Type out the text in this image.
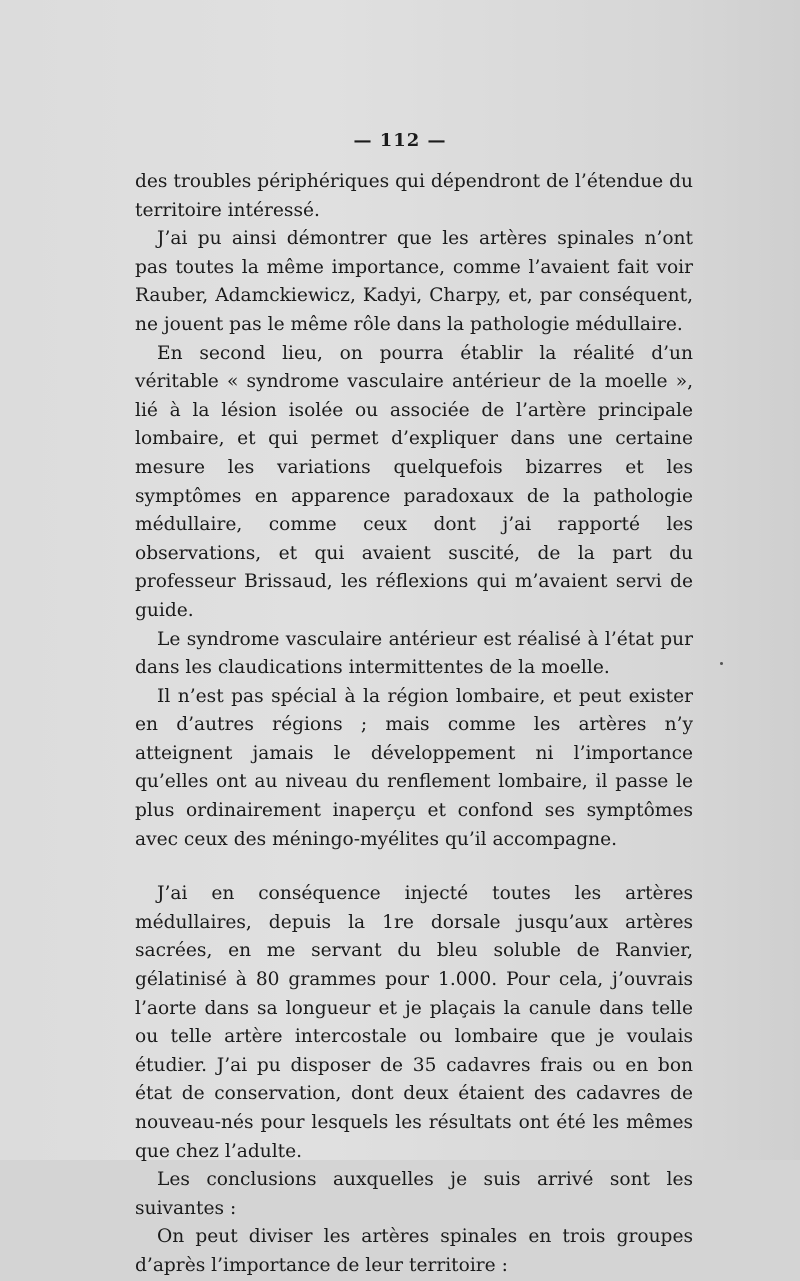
— 112 —

des troubles périphériques qui dépendront de l’étendue du territoire intéressé.

J’ai pu ainsi démontrer que les artères spinales n’ont pas toutes la même importance, comme l’avaient fait voir Rauber, Adamckiewicz, Kadyi, Charpy, et, par conséquent, ne jouent pas le même rôle dans la pathologie médullaire.

En second lieu, on pourra établir la réalité d’un véritable « syndrome vasculaire antérieur de la moelle », lié à la lésion isolée ou associée de l’artère principale lombaire, et qui permet d’expliquer dans une certaine mesure les variations quelquefois bizarres et les symptômes en apparence paradoxaux de la pathologie médullaire, comme ceux dont j’ai rapporté les observations, et qui avaient suscité, de la part du professeur Brissaud, les réflexions qui m’avaient servi de guide.

Le syndrome vasculaire antérieur est réalisé à l’état pur dans les claudications intermittentes de la moelle.

Il n’est pas spécial à la région lombaire, et peut exister en d’autres régions ; mais comme les artères n’y atteignent jamais le développement ni l’importance qu’elles ont au niveau du renflement lombaire, il passe le plus ordinairement inaperçu et confond ses symptômes avec ceux des méningo-myélites qu’il accompagne.

J’ai en conséquence injecté toutes les artères médullaires, depuis la 1re dorsale jusqu’aux artères sacrées, en me servant du bleu soluble de Ranvier, gélatinisé à 80 grammes pour 1.000. Pour cela, j’ouvrais l’aorte dans sa longueur et je plaçais la canule dans telle ou telle artère intercostale ou lombaire que je voulais étudier. J’ai pu disposer de 35 cadavres frais ou en bon état de conservation, dont deux étaient des cadavres de nouveau-nés pour lesquels les résultats ont été les mêmes que chez l’adulte.

Les conclusions auxquelles je suis arrivé sont les suivantes :

On peut diviser les artères spinales en trois groupes d’après l’importance de leur territoire :
